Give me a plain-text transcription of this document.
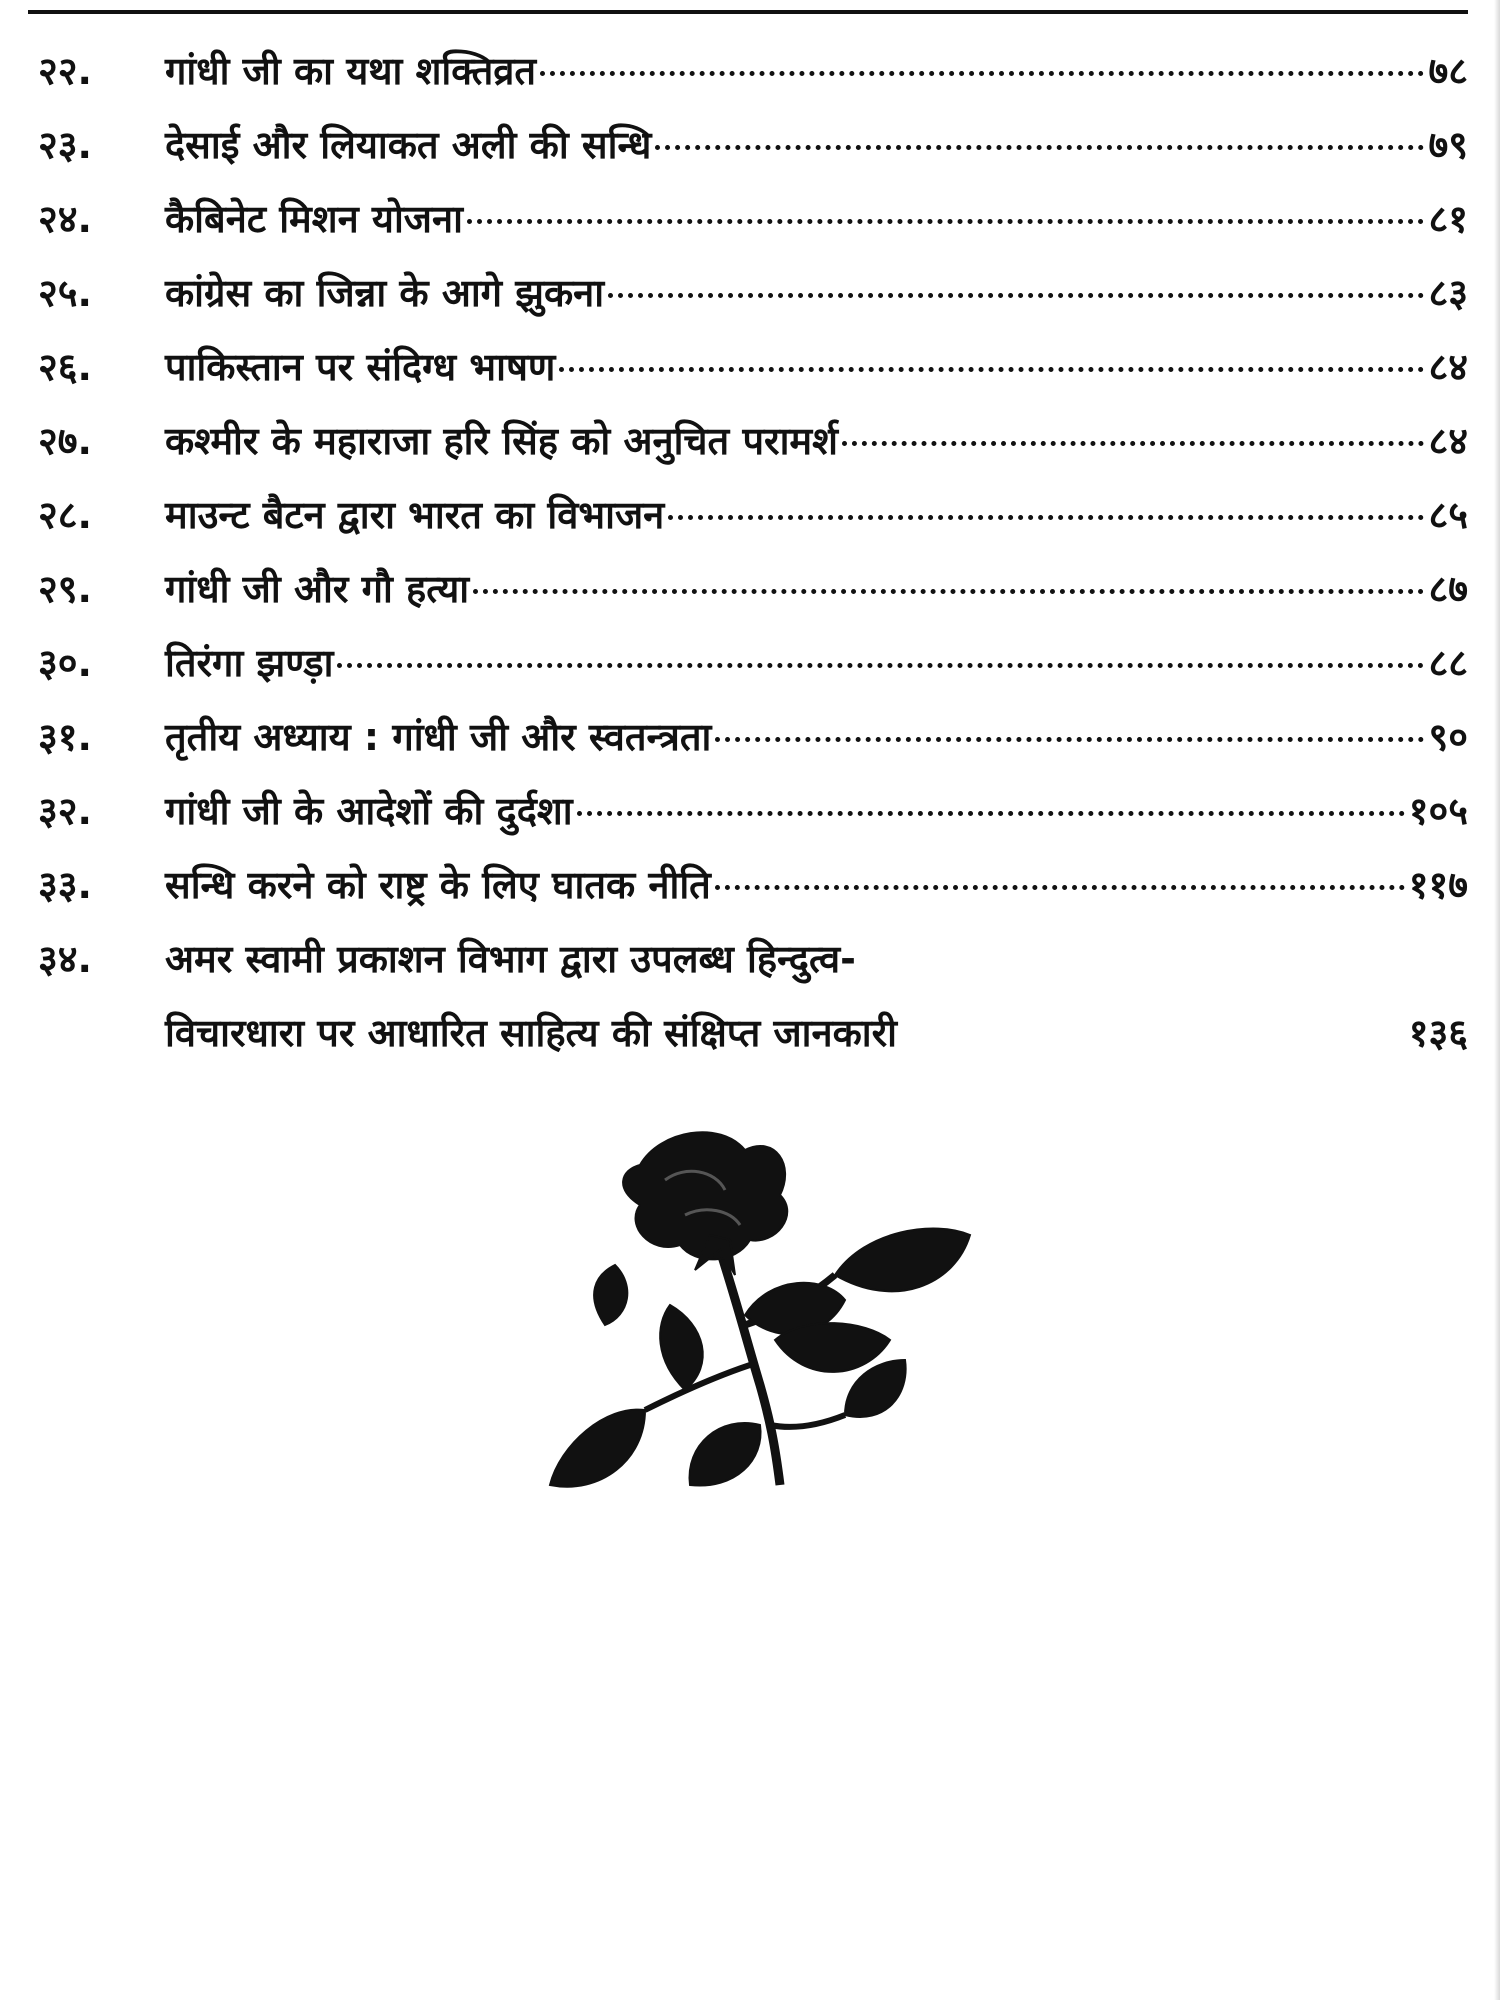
२२.	गांधी जी का यथा शक्तिव्रत	७८
२३.	देसाई और लियाकत अली की सन्धि	७९
२४.	कैबिनेट मिशन योजना	८१
२५.	कांग्रेस का जिन्ना के आगे झुकना	८३
२६.	पाकिस्तान पर संदिग्ध भाषण	८४
२७.	कश्मीर के महाराजा हरि सिंह को अनुचित परामर्श	८४
२८.	माउन्ट बैटन द्वारा भारत का विभाजन	८५
२९.	गांधी जी और गौ हत्या	८७
३०.	तिरंगा झण्ड़ा	८८
३१.	तृतीय अध्याय : गांधी जी और स्वतन्त्रता	९०
३२.	गांधी जी के आदेशों की दुर्दशा	१०५
३३.	सन्धि करने को राष्ट्र के लिए घातक नीति	११७
३४.	अमर स्वामी प्रकाशन विभाग द्वारा उपलब्ध हिन्दुत्व-
विचारधारा पर आधारित साहित्य की संक्षिप्त जानकारी	१३६
